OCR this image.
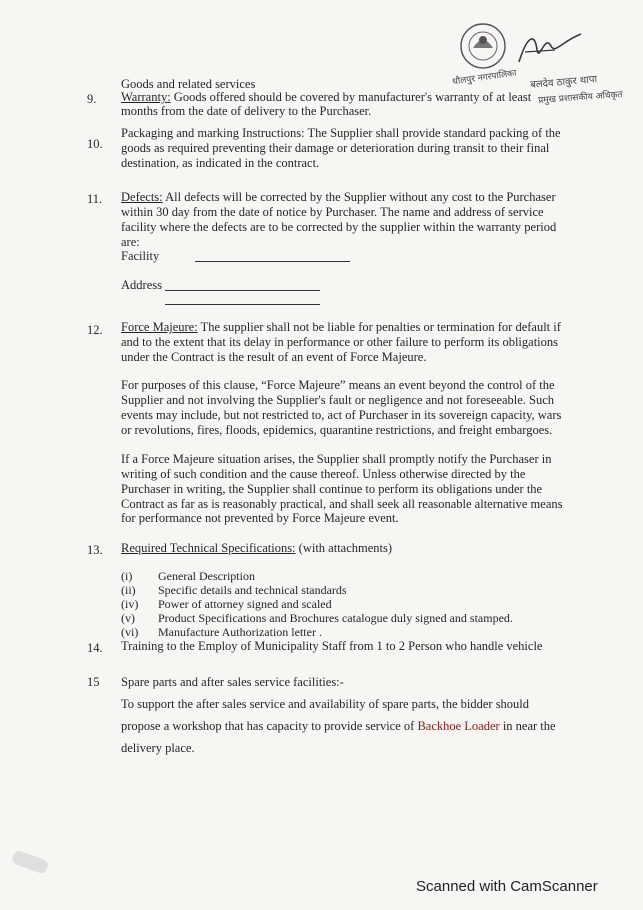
धौलपुर नगरपालिका बलदेव ठाकुर थापा
प्रमुख प्रशासकीय अधिकृत
Goods and related services
9. Warranty: Goods offered should be covered by manufacturer's warranty of at least
months from the date of delivery to the Purchaser.
10.
Packaging and marking Instructions: The Supplier shall provide standard packing of the
goods as required preventing their damage or deterioration during transit to their final
destination, as indicated in the contract.
11. Defects: All defects will be corrected by the Supplier without any cost to the Purchaser
within 30 day from the date of notice by Purchaser. The name and address of service
facility where the defects are to be corrected by the supplier within the warranty period
are:
Facility
Address
12. Force Majeure: The supplier shall not be liable for penalties or termination for default if
and to the extent that its delay in performance or other failure to perform its obligations
under the Contract is the result of an event of Force Majeure.
For purposes of this clause, “Force Majeure” means an event beyond the control of the
Supplier and not involving the Supplier's fault or negligence and not foreseeable. Such
events may include, but not restricted to, act of Purchaser in its sovereign capacity, wars
or revolutions, fires, floods, epidemics, quarantine restrictions, and freight embargoes.
If a Force Majeure situation arises, the Supplier shall promptly notify the Purchaser in
writing of such condition and the cause thereof. Unless otherwise directed by the
Purchaser in writing, the Supplier shall continue to perform its obligations under the
Contract as far as is reasonably practical, and shall seek all reasonable alternative means
for performance not prevented by Force Majeure event.
13. Required Technical Specifications: (with attachments)
(i) General Description
(ii) Specific details and technical standards
(iv) Power of attorney signed and scaled
(v) Product Specifications and Brochures catalogue duly signed and stamped.
(vi) Manufacture Authorization letter .
14. Training to the Employ of Municipality Staff from 1 to 2 Person who handle vehicle
15 Spare parts and after sales service facilities:-
To support the after sales service and availability of spare parts, the bidder should
propose a workshop that has capacity to provide service of Backhoe Loader in near the
delivery place.
Scanned with CamScanner
